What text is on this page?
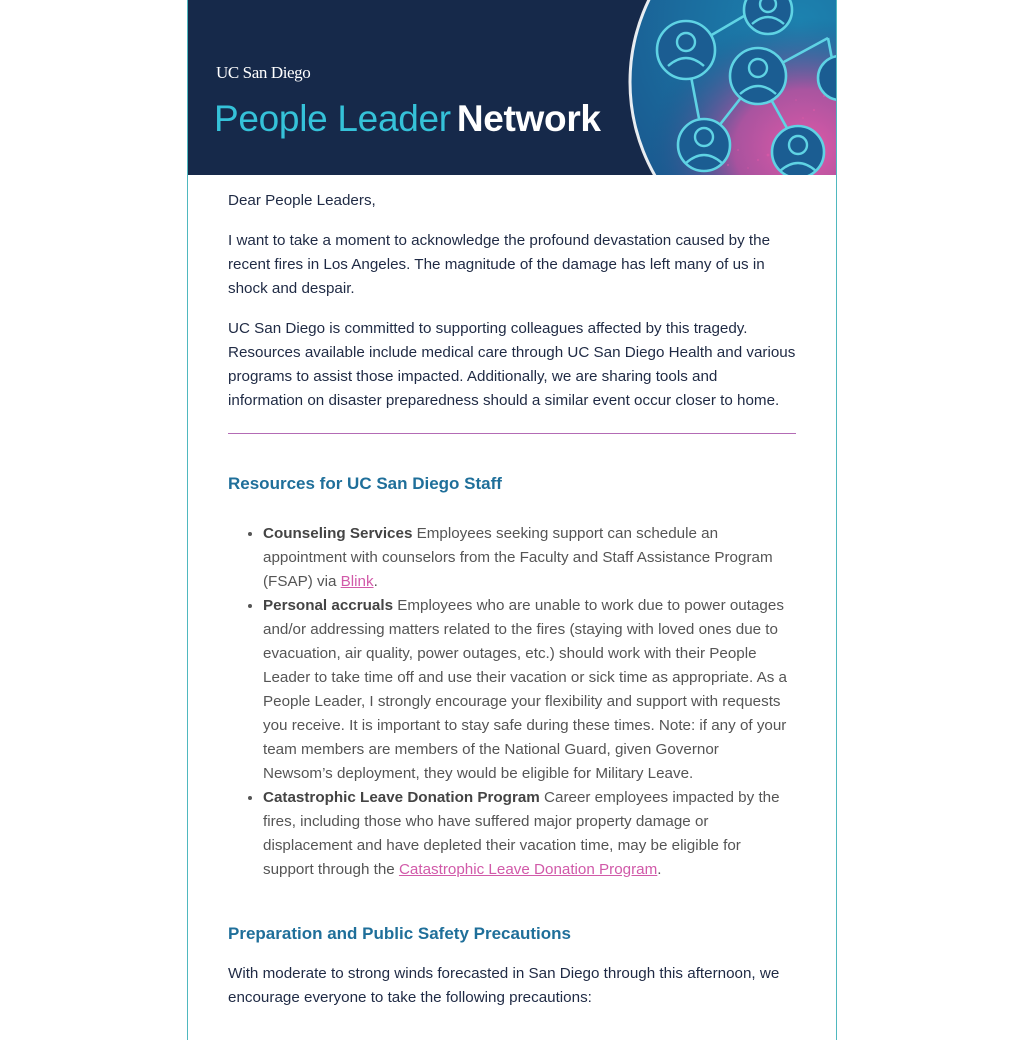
UC San Diego
People Leader Network

Dear People Leaders,

I want to take a moment to acknowledge the profound devastation caused by the recent fires in Los Angeles. The magnitude of the damage has left many of us in shock and despair.

UC San Diego is committed to supporting colleagues affected by this tragedy. Resources available include medical care through UC San Diego Health and various programs to assist those impacted. Additionally, we are sharing tools and information on disaster preparedness should a similar event occur closer to home.

Resources for UC San Diego Staff
• Counseling Services Employees seeking support can schedule an appointment with counselors from the Faculty and Staff Assistance Program (FSAP) via Blink.
• Personal accruals Employees who are unable to work due to power outages and/or addressing matters related to the fires (staying with loved ones due to evacuation, air quality, power outages, etc.) should work with their People Leader to take time off and use their vacation or sick time as appropriate. As a People Leader, I strongly encourage your flexibility and support with requests you receive. It is important to stay safe during these times. Note: if any of your team members are members of the National Guard, given Governor Newsom’s deployment, they would be eligible for Military Leave.
• Catastrophic Leave Donation Program Career employees impacted by the fires, including those who have suffered major property damage or displacement and have depleted their vacation time, may be eligible for support through the Catastrophic Leave Donation Program.
Preparation and Public Safety Precautions

With moderate to strong winds forecasted in San Diego through this afternoon, we encourage everyone to take the following precautions:
